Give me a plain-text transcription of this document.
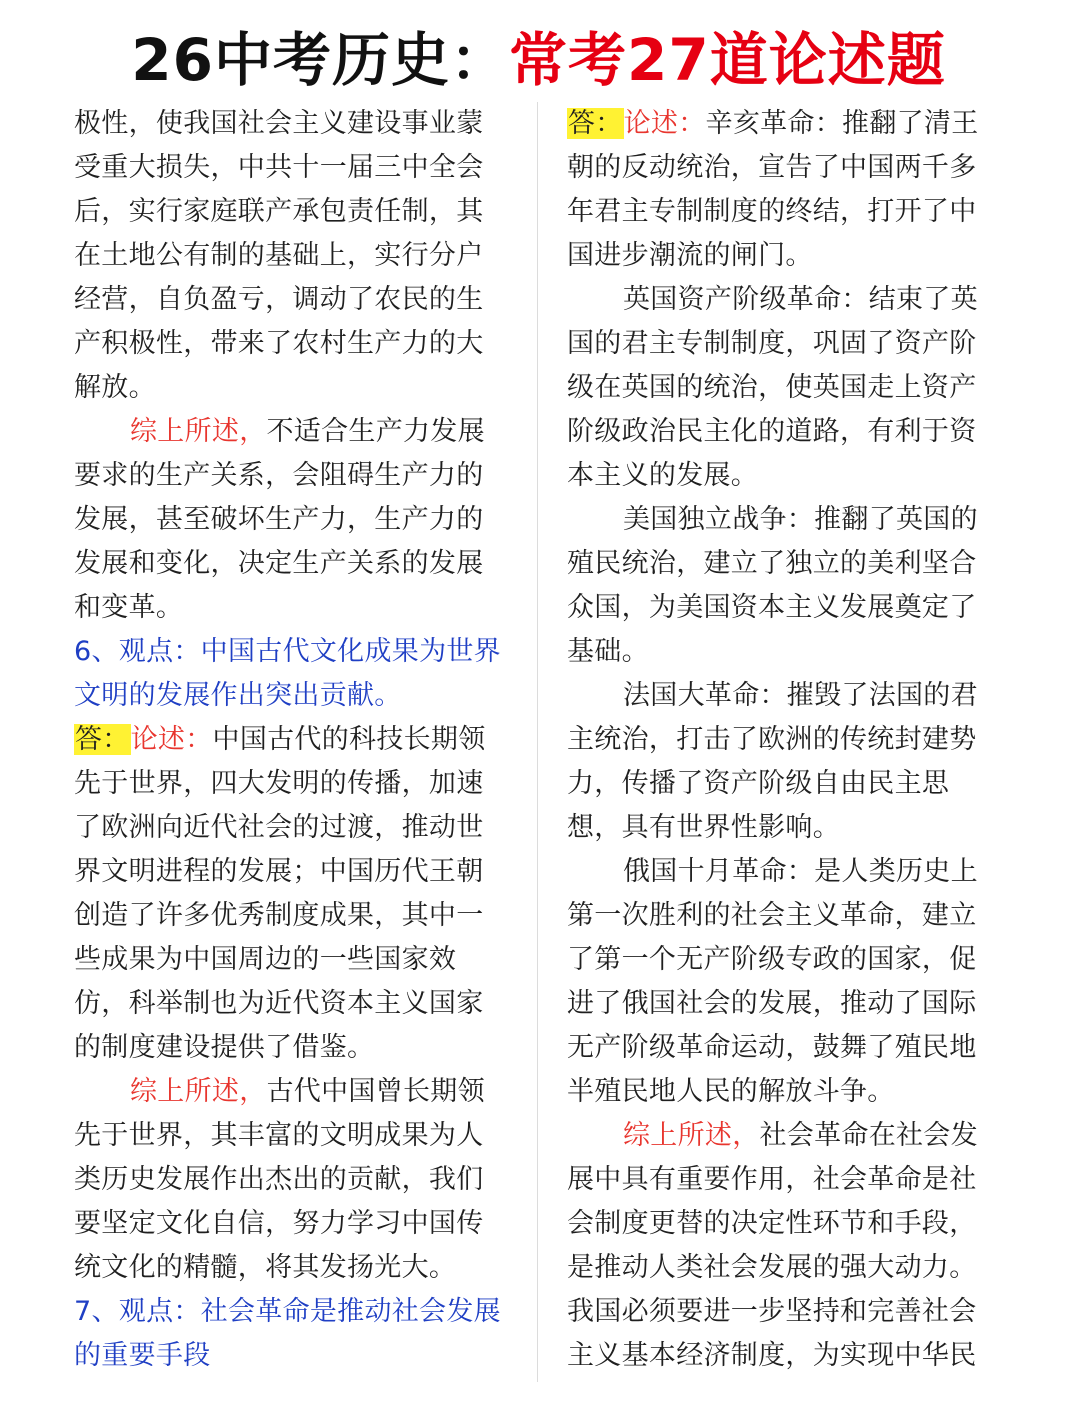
26中考历史：常考27道论述题
极性，使我国社会主义建设事业蒙
受重大损失，中共十一届三中全会
后，实行家庭联产承包责任制，其
在土地公有制的基础上，实行分户
经营，自负盈亏，调动了农民的生
产积极性，带来了农村生产力的大
解放。
综上所述，不适合生产力发展
要求的生产关系，会阻碍生产力的
发展，甚至破坏生产力，生产力的
发展和变化，决定生产关系的发展
和变革。
6、观点：中国古代文化成果为世界
文明的发展作出突出贡献。
答：论述：中国古代的科技长期领
先于世界，四大发明的传播，加速
了欧洲向近代社会的过渡，推动世
界文明进程的发展；中国历代王朝
创造了许多优秀制度成果，其中一
些成果为中国周边的一些国家效
仿，科举制也为近代资本主义国家
的制度建设提供了借鉴。
综上所述，古代中国曾长期领
先于世界，其丰富的文明成果为人
类历史发展作出杰出的贡献，我们
要坚定文化自信，努力学习中国传
统文化的精髓，将其发扬光大。
7、观点：社会革命是推动社会发展
的重要手段
答：论述：辛亥革命：推翻了清王
朝的反动统治，宣告了中国两千多
年君主专制制度的终结，打开了中
国进步潮流的闸门。
英国资产阶级革命：结束了英
国的君主专制制度，巩固了资产阶
级在英国的统治，使英国走上资产
阶级政治民主化的道路，有利于资
本主义的发展。
美国独立战争：推翻了英国的
殖民统治，建立了独立的美利坚合
众国，为美国资本主义发展奠定了
基础。
法国大革命：摧毁了法国的君
主统治，打击了欧洲的传统封建势
力，传播了资产阶级自由民主思
想，具有世界性影响。
俄国十月革命：是人类历史上
第一次胜利的社会主义革命，建立
了第一个无产阶级专政的国家，促
进了俄国社会的发展，推动了国际
无产阶级革命运动，鼓舞了殖民地
半殖民地人民的解放斗争。
综上所述，社会革命在社会发
展中具有重要作用，社会革命是社
会制度更替的决定性环节和手段，
是推动人类社会发展的强大动力。
我国必须要进一步坚持和完善社会
主义基本经济制度，为实现中华民
